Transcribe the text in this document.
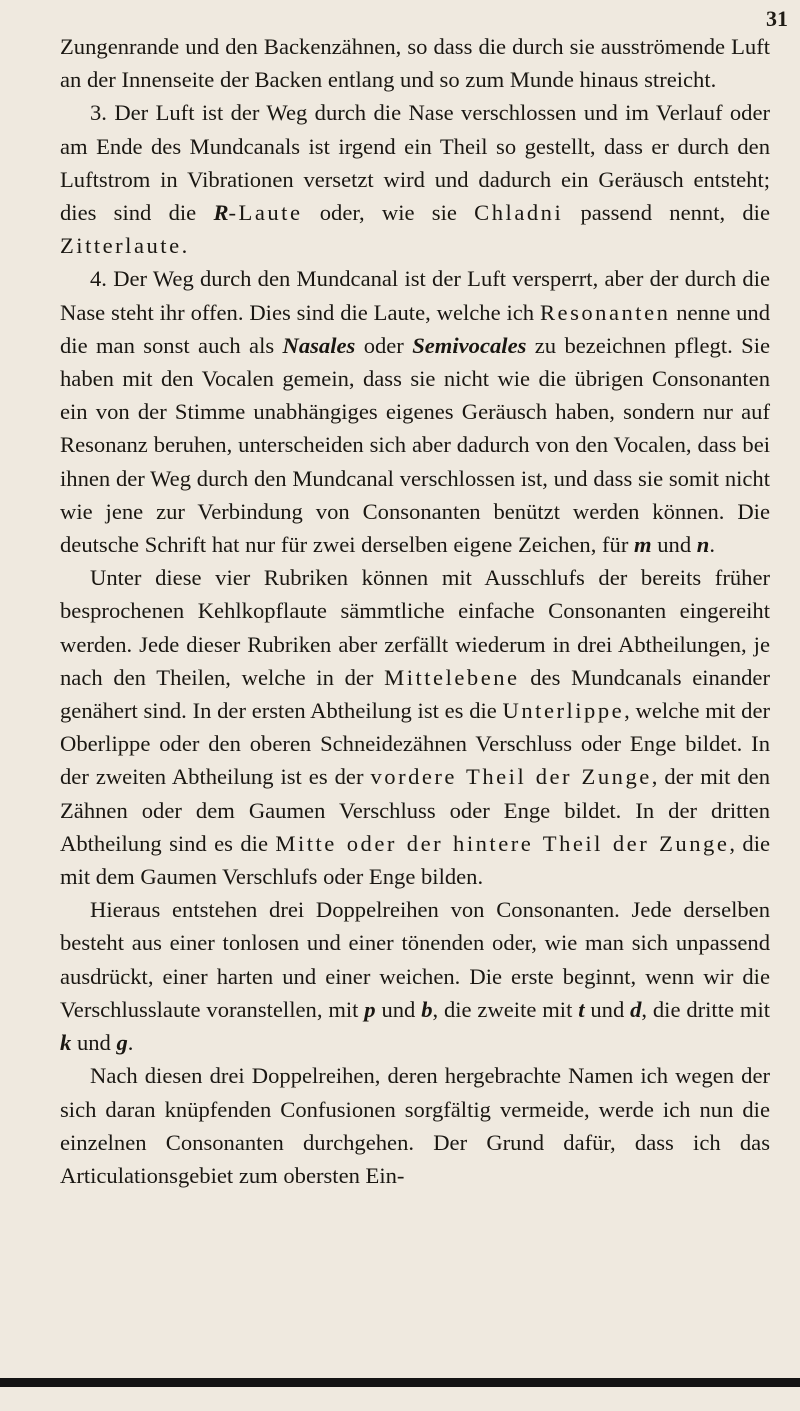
31

Zungenrande und den Backenzähnen, so dass die durch sie ausströmende Luft an der Innenseite der Backen entlang und so zum Munde hinaus streicht.

3. Der Luft ist der Weg durch die Nase verschlossen und im Verlauf oder am Ende des Mundcanals ist irgend ein Theil so gestellt, dass er durch den Luftstrom in Vibrationen versetzt wird und dadurch ein Geräusch entsteht; dies sind die R-Laute oder, wie sie Chladni passend nennt, die Zitterlaute.

4. Der Weg durch den Mundcanal ist der Luft versperrt, aber der durch die Nase steht ihr offen. Dies sind die Laute, welche ich Resonanten nenne und die man sonst auch als Nasales oder Semivocales zu bezeichnen pflegt. Sie haben mit den Vocalen gemein, dass sie nicht wie die übrigen Consonanten ein von der Stimme unabhängiges eigenes Geräusch haben, sondern nur auf Resonanz beruhen, unterscheiden sich aber dadurch von den Vocalen, dass bei ihnen der Weg durch den Mundcanal verschlossen ist, und dass sie somit nicht wie jene zur Verbindung von Consonanten benützt werden können. Die deutsche Schrift hat nur für zwei derselben eigene Zeichen, für m und n.

Unter diese vier Rubriken können mit Ausschlufs der bereits früher besprochenen Kehlkopflaute sämmtliche einfache Consonanten eingereiht werden. Jede dieser Rubriken aber zerfällt wiederum in drei Abtheilungen, je nach den Theilen, welche in der Mittelebene des Mundcanals einander genähert sind. In der ersten Abtheilung ist es die Unterlippe, welche mit der Oberlippe oder den oberen Schneidezähnen Verschluss oder Enge bildet. In der zweiten Abtheilung ist es der vordere Theil der Zunge, der mit den Zähnen oder dem Gaumen Verschluss oder Enge bildet. In der dritten Abtheilung sind es die Mitte oder der hintere Theil der Zunge, die mit dem Gaumen Verschlufs oder Enge bilden.

Hieraus entstehen drei Doppelreihen von Consonanten. Jede derselben besteht aus einer tonlosen und einer tönenden oder, wie man sich unpassend ausdrückt, einer harten und einer weichen. Die erste beginnt, wenn wir die Verschlusslaute voranstellen, mit p und b, die zweite mit t und d, die dritte mit k und g.

Nach diesen drei Doppelreihen, deren hergebrachte Namen ich wegen der sich daran knüpfenden Confusionen sorgfältig vermeide, werde ich nun die einzelnen Consonanten durchgehen. Der Grund dafür, dass ich das Articulationsgebiet zum obersten Ein-
